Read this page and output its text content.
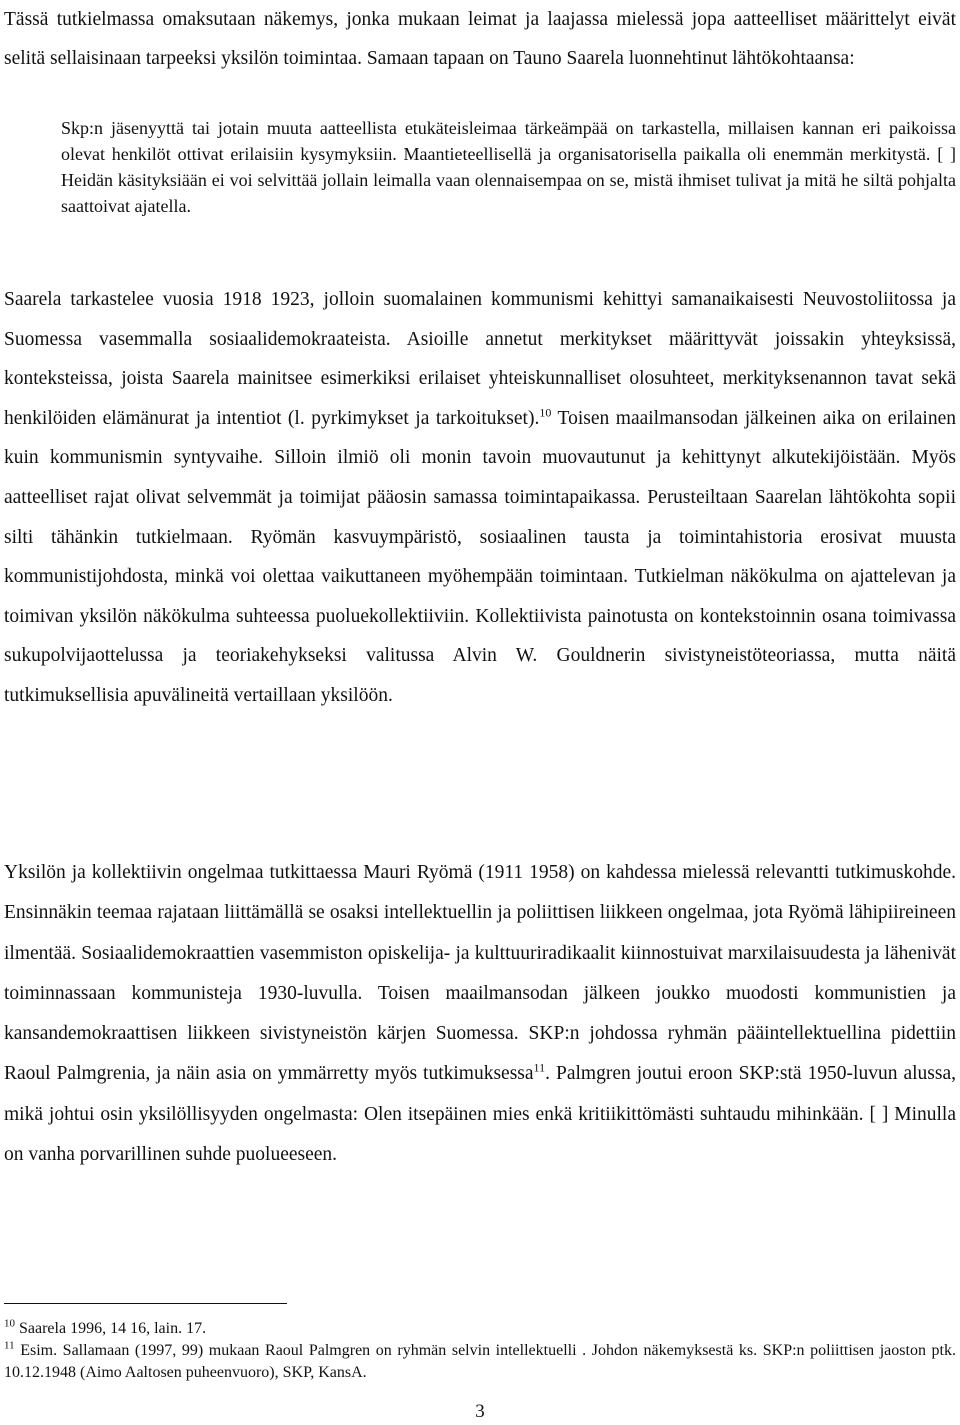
Tässä tutkielmassa omaksutaan näkemys, jonka mukaan leimat ja laajassa mielessä jopa aatteelliset määrittelyt eivät selitä sellaisinaan tarpeeksi yksilön toimintaa. Samaan tapaan on Tauno Saarela luonnehtinut lähtökohtaansa:

Skp:n jäsenyyttä tai jotain muuta aatteellista etukäteisleimaa tärkeämpää on tarkastella, millaisen kannan eri paikoissa olevat henkilöt ottivat erilaisiin kysymyksiin. Maantieteellisellä ja organisatorisella paikalla oli enemmän merkitystä. [ ] Heidän käsityksiään ei voi selvittää jollain leimalla vaan olennaisempaa on se, mistä ihmiset tulivat ja mitä he siltä pohjalta saattoivat ajatella.

Saarela tarkastelee vuosia 1918 1923, jolloin suomalainen kommunismi kehittyi samanaikaisesti Neuvostoliitossa ja Suomessa vasemmalla sosiaalidemokraateista. Asioille annetut merkitykset määrittyvät joissakin yhteyksissä, konteksteissa, joista Saarela mainitsee esimerkiksi erilaiset yhteiskunnalliset olosuhteet, merkityksenannon tavat sekä henkilöiden elämänurat ja intentiot (l. pyrkimykset ja tarkoitukset).$^{10}$ Toisen maailmansodan jälkeinen aika on erilainen kuin kommunismin syntyvaihe. Silloin ilmiö oli monin tavoin muovautunut ja kehittynyt alkutekijöistään. Myös aatteelliset rajat olivat selvemmät ja toimijat pääosin samassa toimintapaikassa. Perusteiltaan Saarelan lähtökohta sopii silti tähänkin tutkielmaan. Ryömän kasvuympäristö, sosiaalinen tausta ja toimintahistoria erosivat muusta kommunistijohdosta, minkä voi olettaa vaikuttaneen myöhempään toimintaan. Tutkielman näkökulma on ajattelevan ja toimivan yksilön näkökulma suhteessa puoluekollektiiviin. Kollektiivista painotusta on kontekstoinnin osana toimivassa sukupolvijaottelussa ja teoriakehykseksi valitussa Alvin W. Gouldnerin sivistyneistöteoriassa, mutta näitä tutkimuksellisia apuvälineitä vertaillaan yksilöön.

Yksilön ja kollektiivin ongelmaa tutkittaessa Mauri Ryömä (1911 1958) on kahdessa mielessä relevantti tutkimuskohde. Ensinnäkin teemaa rajataan liittämällä se osaksi intellektuellin ja poliittisen liikkeen ongelmaa, jota Ryömä lähipiireineen ilmentää. Sosiaalidemokraattien vasemmiston opiskelija- ja kulttuuriradikaalit kiinnostuivat marxilaisuudesta ja lähenivät toiminnassaan kommunisteja 1930-luvulla. Toisen maailmansodan jälkeen joukko muodosti kommunistien ja kansandemokraattisen liikkeen sivistyneistön kärjen Suomessa. SKP:n johdossa ryhmän pääintellektuellina pidettiin Raoul Palmgrenia, ja näin asia on ymmärretty myös tutkimuksessa$^{11}$. Palmgren joutui eroon SKP:stä 1950-luvun alussa, mikä johtui osin yksilöllisyyden ongelmasta: Olen itsepäinen mies enkä kritiikittömästi suhtaudu mihinkään. [ ] Minulla on vanha porvarillinen suhde puolueeseen.

$^{10}$ Saarela 1996, 14 16, lain. 17.

$^{11}$ Esim. Sallamaan (1997, 99) mukaan Raoul Palmgren on ryhmän selvin intellektuelli . Johdon näkemyksestä ks. SKP:n poliittisen jaoston ptk. 10.12.1948 (Aimo Aaltosen puheenvuoro), SKP, KansA.

3
